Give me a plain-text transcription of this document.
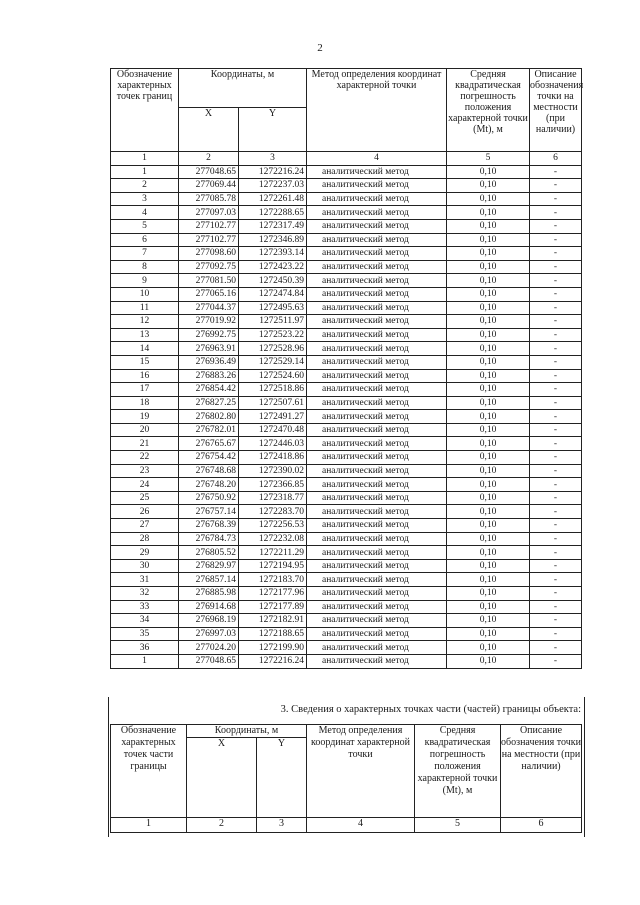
2
Обозначение характерных точек границ	Координаты, м		Метод определения координат характерной точки	Средняя квадратическая погрешность положения характерной точки (Mt), м	Описание обозначения точки на местности (при наличии)
	X	Y			
1	2	3	4	5	6
1	277048.65	1272216.24	аналитический метод	0,10	-
2	277069.44	1272237.03	аналитический метод	0,10	-
3	277085.78	1272261.48	аналитический метод	0,10	-
4	277097.03	1272288.65	аналитический метод	0,10	-
5	277102.77	1272317.49	аналитический метод	0,10	-
6	277102.77	1272346.89	аналитический метод	0,10	-
7	277098.60	1272393.14	аналитический метод	0,10	-
8	277092.75	1272423.22	аналитический метод	0,10	-
9	277081.50	1272450.39	аналитический метод	0,10	-
10	277065.16	1272474.84	аналитический метод	0,10	-
11	277044.37	1272495.63	аналитический метод	0,10	-
12	277019.92	1272511.97	аналитический метод	0,10	-
13	276992.75	1272523.22	аналитический метод	0,10	-
14	276963.91	1272528.96	аналитический метод	0,10	-
15	276936.49	1272529.14	аналитический метод	0,10	-
16	276883.26	1272524.60	аналитический метод	0,10	-
17	276854.42	1272518.86	аналитический метод	0,10	-
18	276827.25	1272507.61	аналитический метод	0,10	-
19	276802.80	1272491.27	аналитический метод	0,10	-
20	276782.01	1272470.48	аналитический метод	0,10	-
21	276765.67	1272446.03	аналитический метод	0,10	-
22	276754.42	1272418.86	аналитический метод	0,10	-
23	276748.68	1272390.02	аналитический метод	0,10	-
24	276748.20	1272366.85	аналитический метод	0,10	-
25	276750.92	1272318.77	аналитический метод	0,10	-
26	276757.14	1272283.70	аналитический метод	0,10	-
27	276768.39	1272256.53	аналитический метод	0,10	-
28	276784.73	1272232.08	аналитический метод	0,10	-
29	276805.52	1272211.29	аналитический метод	0,10	-
30	276829.97	1272194.95	аналитический метод	0,10	-
31	276857.14	1272183.70	аналитический метод	0,10	-
32	276885.98	1272177.96	аналитический метод	0,10	-
33	276914.68	1272177.89	аналитический метод	0,10	-
34	276968.19	1272182.91	аналитический метод	0,10	-
35	276997.03	1272188.65	аналитический метод	0,10	-
36	277024.20	1272199.90	аналитический метод	0,10	-
1	277048.65	1272216.24	аналитический метод	0,10	-
3. Сведения о характерных точках части (частей) границы объекта:
Обозначение характерных точек части границы	Координаты, м		Метод определения координат характерной точки	Средняя квадратическая погрешность положения характерной точки (Mt), м	Описание обозначения точки на местности (при наличии)
	X	Y			
1	2	3	4	5	6
